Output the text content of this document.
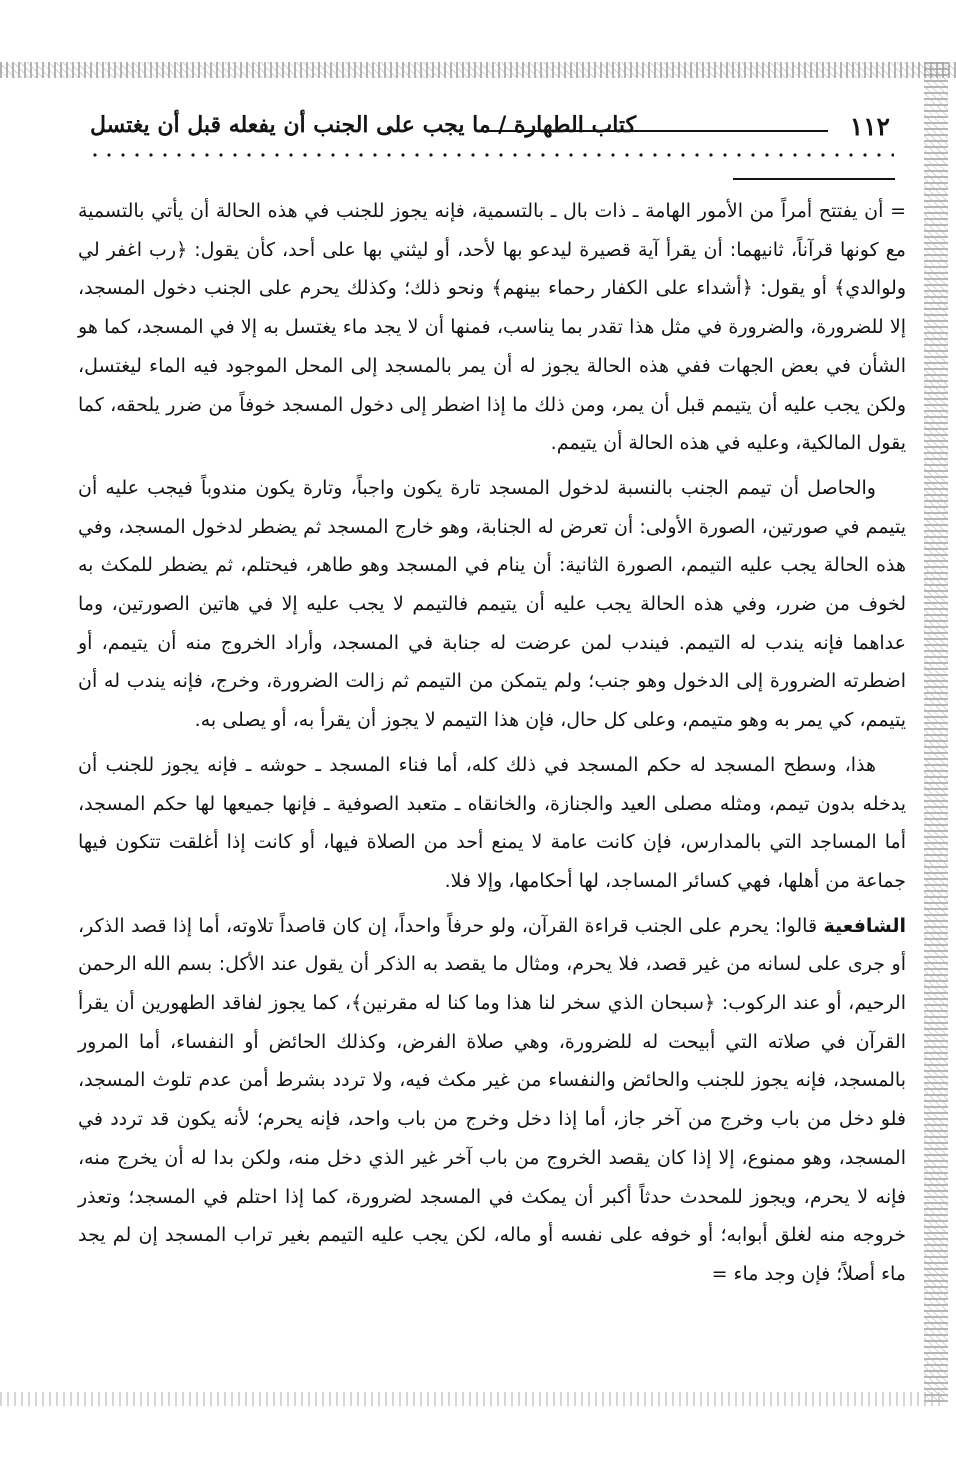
١١٢
كتاب الطهارة / ما يجب على الجنب أن يفعله قبل أن يغتسل

= أن يفتتح أمراً من الأمور الهامة ـ ذات بال ـ بالتسمية، فإنه يجوز للجنب في هذه الحالة أن يأتي بالتسمية مع كونها قرآناً، ثانيهما: أن يقرأ آية قصيرة ليدعو بها لأحد، أو ليثني بها على أحد، كأن يقول: ﴿رب اغفر لي ولوالدي﴾ أو يقول: ﴿أشداء على الكفار رحماء بينهم﴾ ونحو ذلك؛ وكذلك يحرم على الجنب دخول المسجد، إلا للضرورة، والضرورة في مثل هذا تقدر بما يناسب، فمنها أن لا يجد ماء يغتسل به إلا في المسجد، كما هو الشأن في بعض الجهات ففي هذه الحالة يجوز له أن يمر بالمسجد إلى المحل الموجود فيه الماء ليغتسل، ولكن يجب عليه أن يتيمم قبل أن يمر، ومن ذلك ما إذا اضطر إلى دخول المسجد خوفاً من ضرر يلحقه، كما يقول المالكية، وعليه في هذه الحالة أن يتيمم.

والحاصل أن تيمم الجنب بالنسبة لدخول المسجد تارة يكون واجباً، وتارة يكون مندوباً فيجب عليه أن يتيمم في صورتين، الصورة الأولى: أن تعرض له الجنابة، وهو خارج المسجد ثم يضطر لدخول المسجد، وفي هذه الحالة يجب عليه التيمم، الصورة الثانية: أن ينام في المسجد وهو طاهر، فيحتلم، ثم يضطر للمكث به لخوف من ضرر، وفي هذه الحالة يجب عليه أن يتيمم فالتيمم لا يجب عليه إلا في هاتين الصورتين، وما عداهما فإنه يندب له التيمم. فيندب لمن عرضت له جنابة في المسجد، وأراد الخروج منه أن يتيمم، أو اضطرته الضرورة إلى الدخول وهو جنب؛ ولم يتمكن من التيمم ثم زالت الضرورة، وخرج، فإنه يندب له أن يتيمم، كي يمر به وهو متيمم، وعلى كل حال، فإن هذا التيمم لا يجوز أن يقرأ به، أو يصلى به.

هذا، وسطح المسجد له حكم المسجد في ذلك كله، أما فناء المسجد ـ حوشه ـ فإنه يجوز للجنب أن يدخله بدون تيمم، ومثله مصلى العيد والجنازة، والخانقاه ـ متعبد الصوفية ـ فإنها جميعها لها حكم المسجد، أما المساجد التي بالمدارس، فإن كانت عامة لا يمنع أحد من الصلاة فيها، أو كانت إذا أغلقت تتكون فيها جماعة من أهلها، فهي كسائر المساجد، لها أحكامها، وإلا فلا.

الشافعية قالوا: يحرم على الجنب قراءة القرآن، ولو حرفاً واحداً، إن كان قاصداً تلاوته، أما إذا قصد الذكر، أو جرى على لسانه من غير قصد، فلا يحرم، ومثال ما يقصد به الذكر أن يقول عند الأكل: بسم الله الرحمن الرحيم، أو عند الركوب: ﴿سبحان الذي سخر لنا هذا وما كنا له مقرنين﴾، كما يجوز لفاقد الطهورين أن يقرأ القرآن في صلاته التي أبيحت له للضرورة، وهي صلاة الفرض، وكذلك الحائض أو النفساء، أما المرور بالمسجد، فإنه يجوز للجنب والحائض والنفساء من غير مكث فيه، ولا تردد بشرط أمن عدم تلوث المسجد، فلو دخل من باب وخرج من آخر جاز، أما إذا دخل وخرج من باب واحد، فإنه يحرم؛ لأنه يكون قد تردد في المسجد، وهو ممنوع، إلا إذا كان يقصد الخروج من باب آخر غير الذي دخل منه، ولكن بدا له أن يخرج منه، فإنه لا يحرم، ويجوز للمحدث حدثاً أكبر أن يمكث في المسجد لضرورة، كما إذا احتلم في المسجد؛ وتعذر خروجه منه لغلق أبوابه؛ أو خوفه على نفسه أو ماله، لكن يجب عليه التيمم بغير تراب المسجد إن لم يجد ماء أصلاً؛ فإن وجد ماء =
